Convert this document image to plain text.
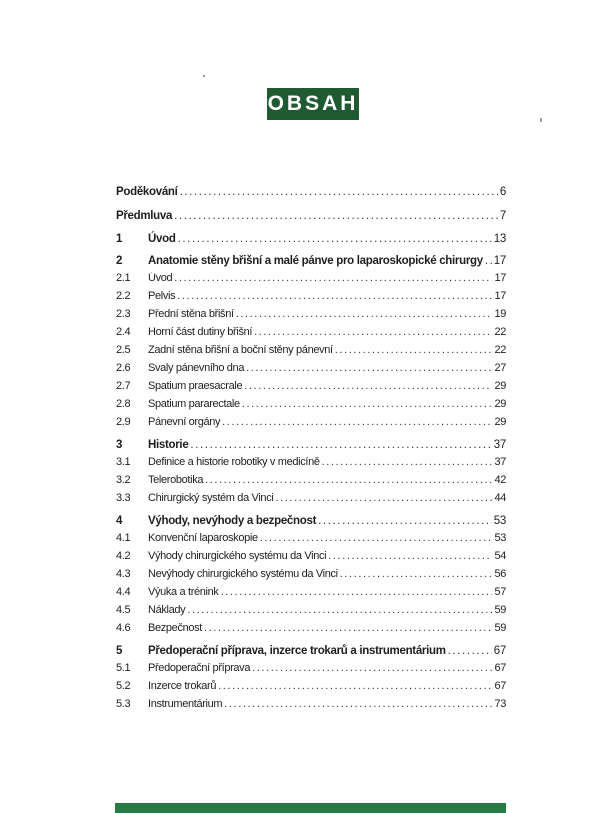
OBSAH
Poděkování .....	6
Předmluva .....	7
1	Úvod .....	13
2	Anatomie stěny břišní a malé pánve pro laparoskopické chirurgy ..... 17
2.1	Úvod .....	17
2.2	Pelvis .....	17
2.3	Přední stěna břišní .....	19
2.4	Horní část dutiny břišní .....	22
2.5	Zadní stěna břišní a boční stěny pánevní .....	22
2.6	Svaly pánevního dna .....	27
2.7	Spatium praesacrale .....	29
2.8	Spatium pararectale .....	29
2.9	Pánevní orgány .....	29
3	Historie .....	37
3.1	Definice a historie robotiky v medicíně .....	37
3.2	Telerobotika .....	42
3.3	Chirurgický systém da Vinci .....	44
4	Výhody, nevýhody a bezpečnost .....	53
4.1	Konvenční laparoskopie .....	53
4.2	Výhody chirurgického systému da Vinci .....	54
4.3	Nevýhody chirurgického systému da Vinci .....	56
4.4	Výuka a trénink .....	57
4.5	Náklady .....	59
4.6	Bezpečnost .....	59
5	Předoperační příprava, inzerce trokarů a instrumentárium .....	67
5.1	Předoperační příprava .....	67
5.2	Inzerce trokarů .....	67
5.3	Instrumentárium .....	73
